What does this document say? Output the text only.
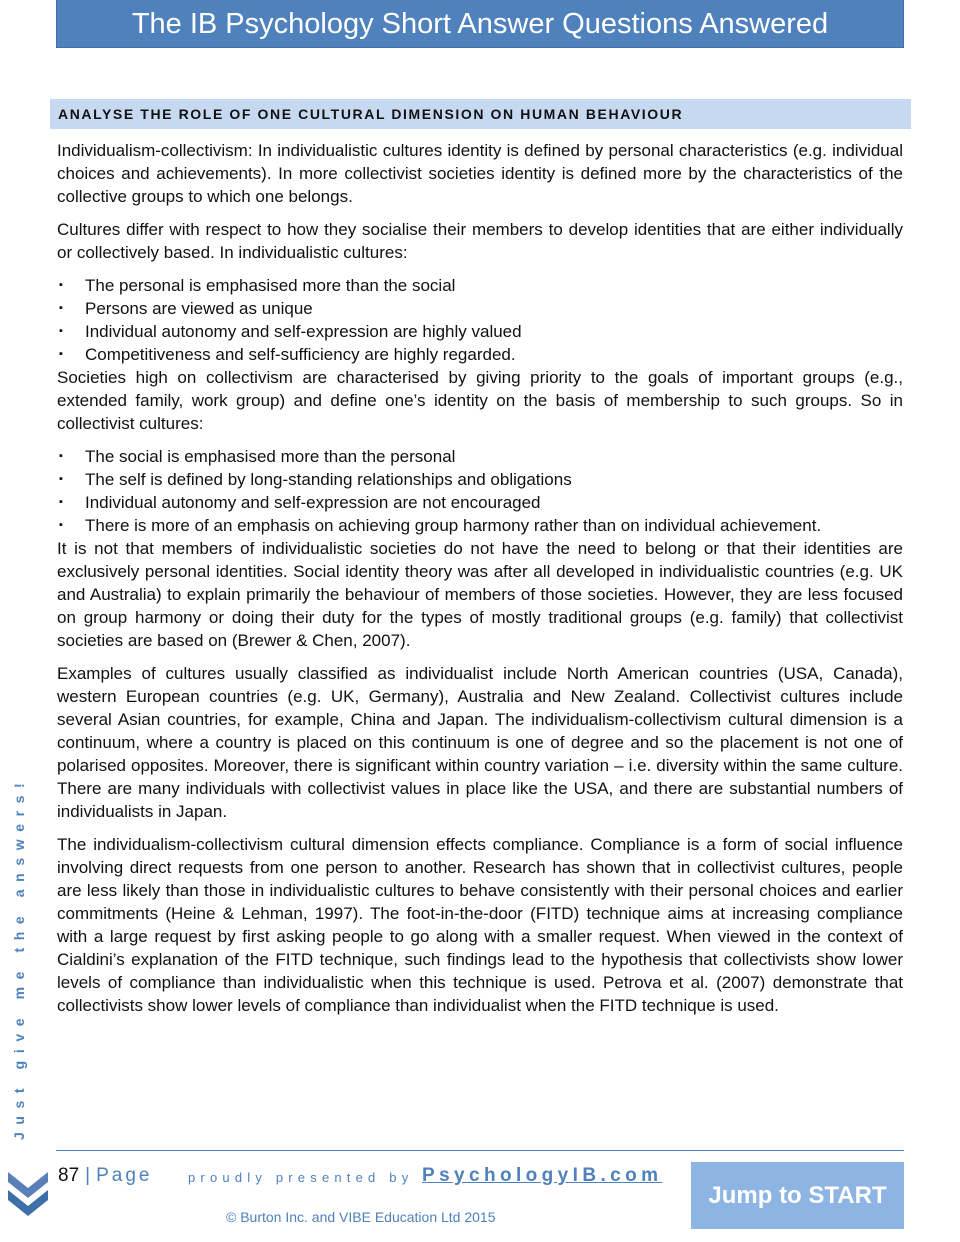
The IB Psychology Short Answer Questions Answered
ANALYSE THE ROLE OF ONE CULTURAL DIMENSION ON HUMAN BEHAVIOUR

Individualism-collectivism: In individualistic cultures identity is defined by personal characteristics (e.g. individual choices and achievements). In more collectivist societies identity is defined more by the characteristics of the collective groups to which one belongs.

Cultures differ with respect to how they socialise their members to develop identities that are either individually or collectively based. In individualistic cultures:

▪ The personal is emphasised more than the social
▪ Persons are viewed as unique
▪ Individual autonomy and self-expression are highly valued
▪ Competitiveness and self-sufficiency are highly regarded.

Societies high on collectivism are characterised by giving priority to the goals of important groups (e.g., extended family, work group) and define one’s identity on the basis of membership to such groups. So in collectivist cultures:

▪ The social is emphasised more than the personal
▪ The self is defined by long-standing relationships and obligations
▪ Individual autonomy and self-expression are not encouraged
▪ There is more of an emphasis on achieving group harmony rather than on individual achievement.

It is not that members of individualistic societies do not have the need to belong or that their identities are exclusively personal identities. Social identity theory was after all developed in individualistic countries (e.g. UK and Australia) to explain primarily the behaviour of members of those societies. However, they are less focused on group harmony or doing their duty for the types of mostly traditional groups (e.g. family) that collectivist societies are based on (Brewer & Chen, 2007).

Examples of cultures usually classified as individualist include North American countries (USA, Canada), western European countries (e.g. UK, Germany), Australia and New Zealand. Collectivist cultures include several Asian countries, for example, China and Japan. The individualism-collectivism cultural dimension is a continuum, where a country is placed on this continuum is one of degree and so the placement is not one of polarised opposites. Moreover, there is significant within country variation – i.e. diversity within the same culture. There are many individuals with collectivist values in place like the USA, and there are substantial numbers of individualists in Japan.

The individualism-collectivism cultural dimension effects compliance. Compliance is a form of social influence involving direct requests from one person to another. Research has shown that in collectivist cultures, people are less likely than those in individualistic cultures to behave consistently with their personal choices and earlier commitments (Heine & Lehman, 1997). The foot-in-the-door (FITD) technique aims at increasing compliance with a large request by first asking people to go along with a smaller request. When viewed in the context of Cialdini’s explanation of the FITD technique, such findings lead to the hypothesis that collectivists show lower levels of compliance than individualistic when this technique is used. Petrova et al. (2007) demonstrate that collectivists show lower levels of compliance than individualist when the FITD technique is used.

Just give me the answers!
87 | Page	proudly presented by PsychologyIB.com
© Burton Inc. and VIBE Education Ltd 2015
Jump to START
